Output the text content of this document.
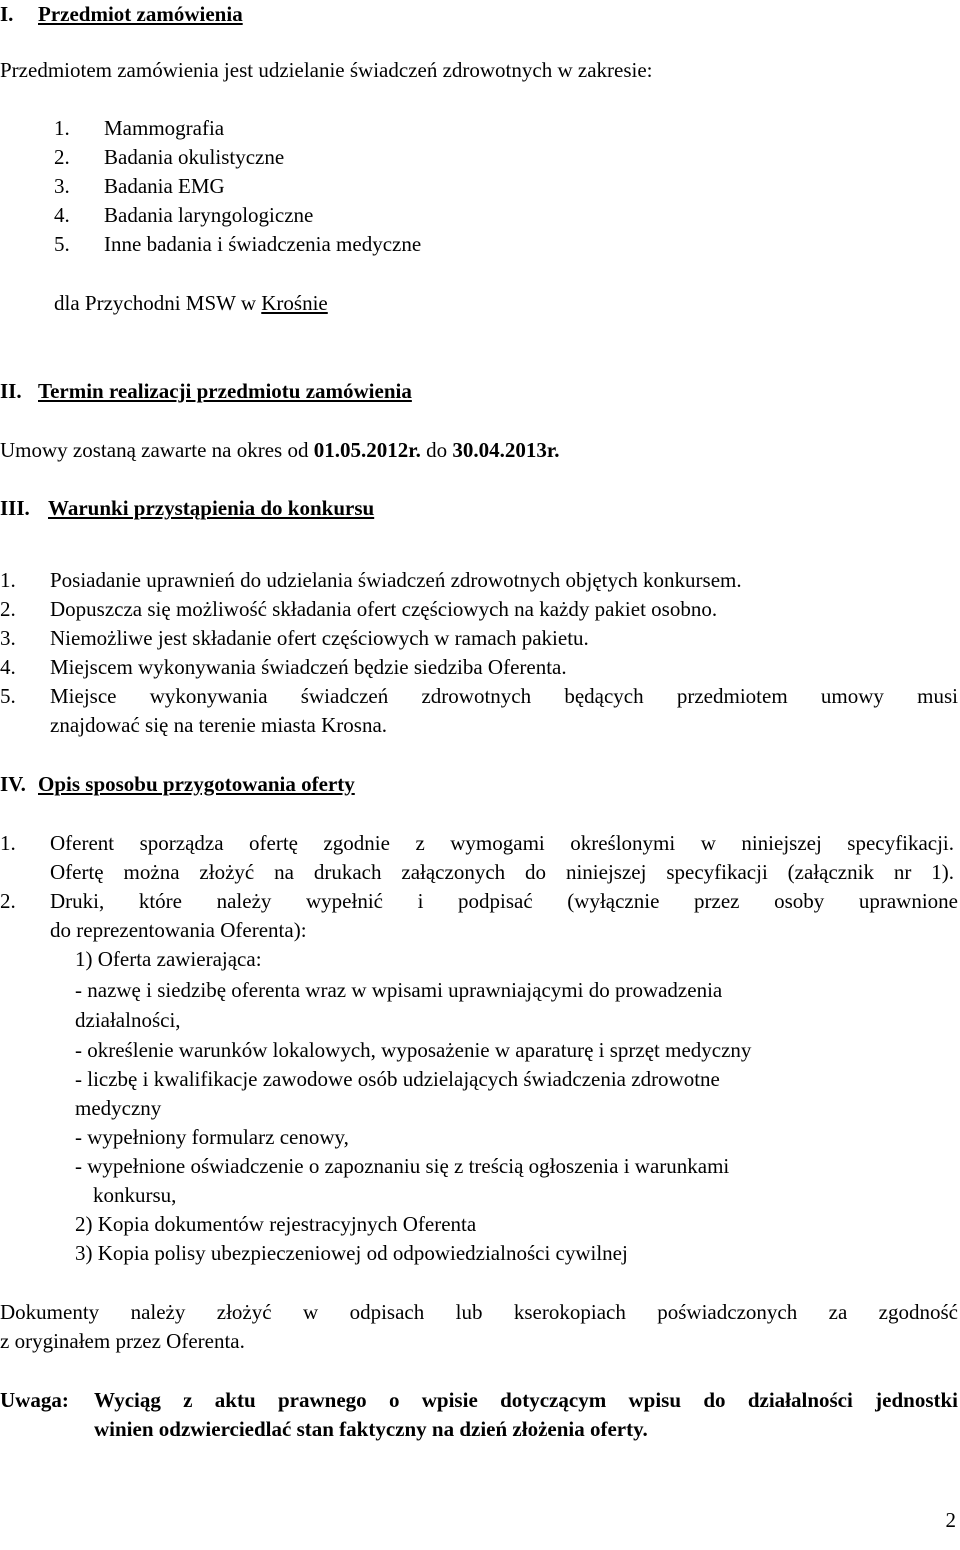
I. Przedmiot zamówienia
Przedmiotem zamówienia jest udzielanie świadczeń zdrowotnych w zakresie:
1. Mammografia
2. Badania okulistyczne
3. Badania EMG
4. Badania laryngologiczne
5. Inne badania i świadczenia medyczne
dla Przychodni MSW w Krośnie
II. Termin realizacji przedmiotu zamówienia
Umowy zostaną zawarte na okres od 01.05.2012r. do 30.04.2013r.
III. Warunki przystąpienia do konkursu
1. Posiadanie uprawnień do udzielania świadczeń zdrowotnych objętych konkursem.
2. Dopuszcza się możliwość składania ofert częściowych na każdy pakiet osobno.
3. Niemożliwe jest składanie ofert częściowych w ramach pakietu.
4. Miejscem wykonywania świadczeń będzie siedziba Oferenta.
5. Miejsce wykonywania świadczeń zdrowotnych będących przedmiotem umowy musi
znajdować się na terenie miasta Krosna.
IV. Opis sposobu przygotowania oferty
1. Oferent sporządza ofertę zgodnie z wymogami określonymi w niniejszej specyfikacji.
Ofertę można złożyć na drukach załączonych do niniejszej specyfikacji (załącznik nr 1).
2. Druki, które należy wypełnić i podpisać (wyłącznie przez osoby uprawnione
do reprezentowania Oferenta):
1) Oferta zawierająca:
- nazwę i siedzibę oferenta wraz w wpisami uprawniającymi do prowadzenia
działalności,
- określenie warunków lokalowych, wyposażenie w aparaturę i sprzęt medyczny
- liczbę i kwalifikacje zawodowe osób udzielających świadczenia zdrowotne
medyczny
- wypełniony formularz cenowy,
- wypełnione oświadczenie o zapoznaniu się z treścią ogłoszenia i warunkami
konkursu,
2) Kopia dokumentów rejestracyjnych Oferenta
3) Kopia polisy ubezpieczeniowej od odpowiedzialności cywilnej
Dokumenty należy złożyć w odpisach lub kserokopiach poświadczonych za zgodność
z oryginałem przez Oferenta.
Uwaga: Wyciąg z aktu prawnego o wpisie dotyczącym wpisu do działalności jednostki
winien odzwierciedlać stan faktyczny na dzień złożenia oferty.
2
